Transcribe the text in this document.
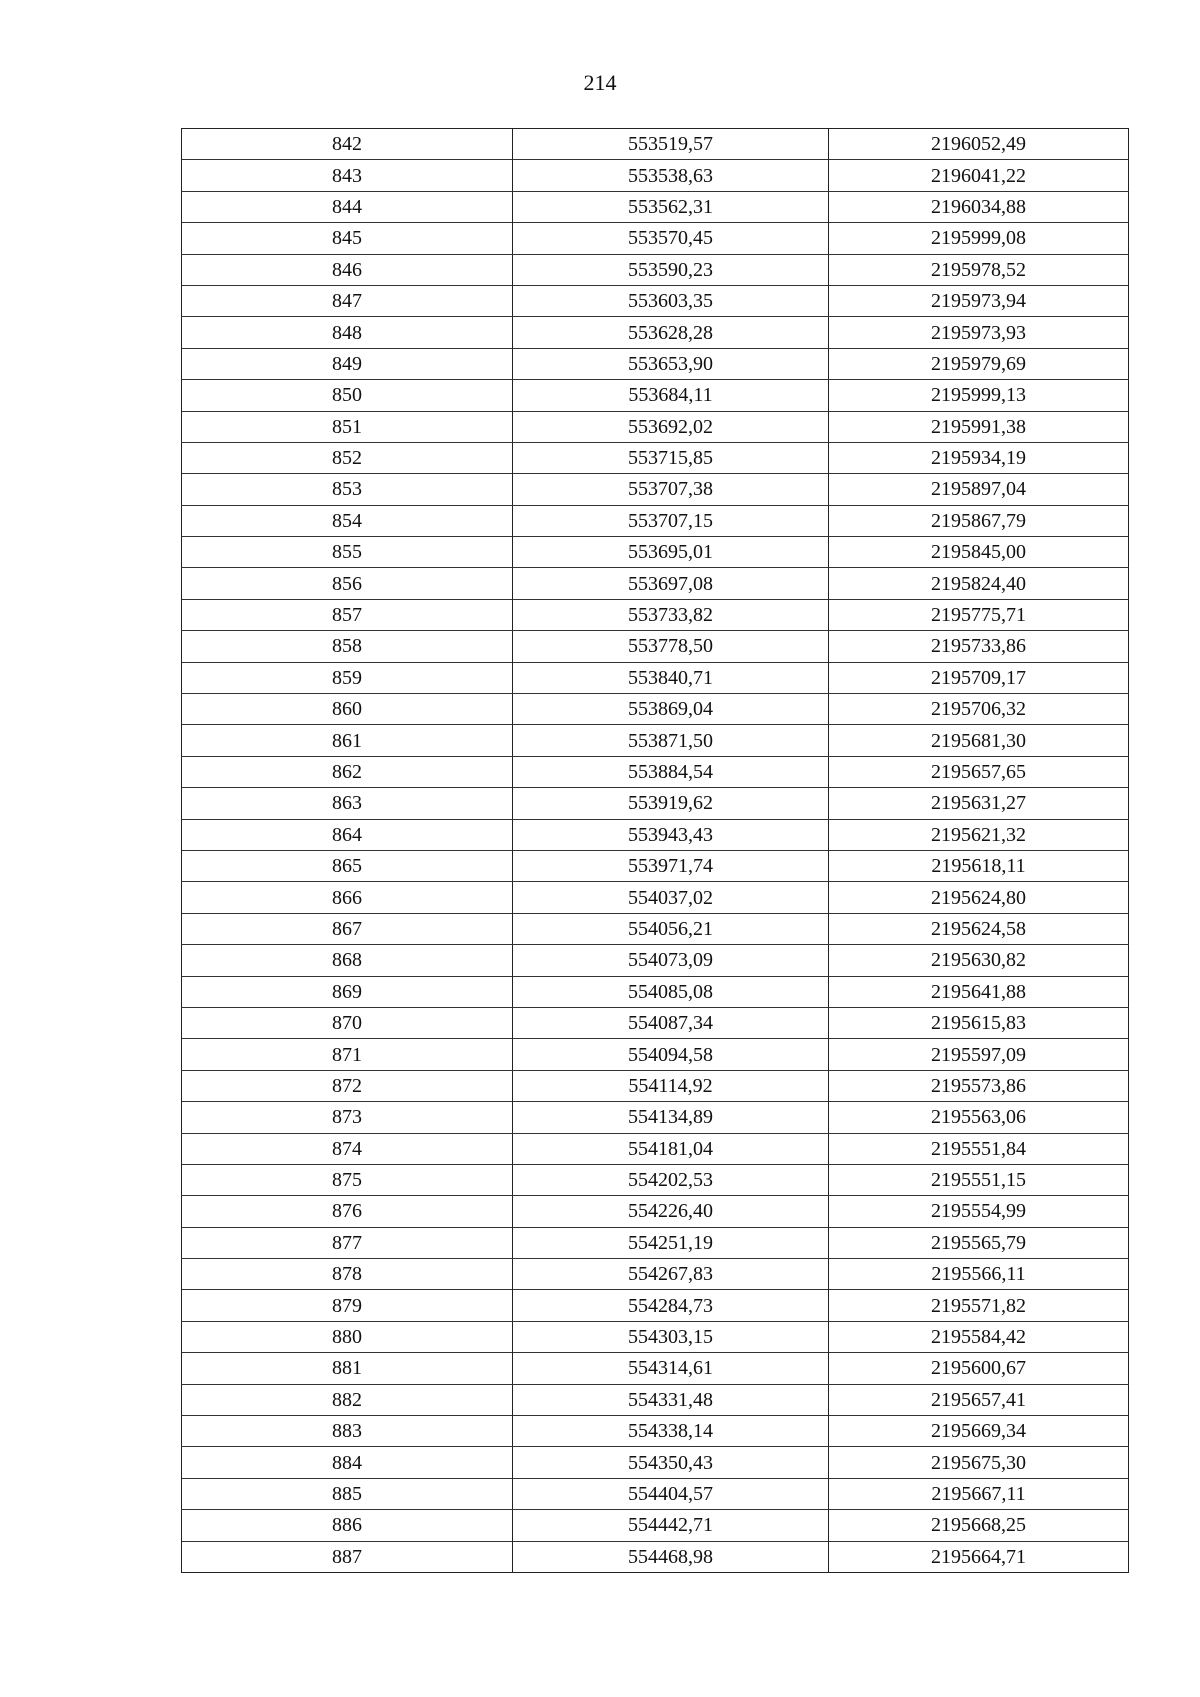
214
842	553519,57	2196052,49
843	553538,63	2196041,22
844	553562,31	2196034,88
845	553570,45	2195999,08
846	553590,23	2195978,52
847	553603,35	2195973,94
848	553628,28	2195973,93
849	553653,90	2195979,69
850	553684,11	2195999,13
851	553692,02	2195991,38
852	553715,85	2195934,19
853	553707,38	2195897,04
854	553707,15	2195867,79
855	553695,01	2195845,00
856	553697,08	2195824,40
857	553733,82	2195775,71
858	553778,50	2195733,86
859	553840,71	2195709,17
860	553869,04	2195706,32
861	553871,50	2195681,30
862	553884,54	2195657,65
863	553919,62	2195631,27
864	553943,43	2195621,32
865	553971,74	2195618,11
866	554037,02	2195624,80
867	554056,21	2195624,58
868	554073,09	2195630,82
869	554085,08	2195641,88
870	554087,34	2195615,83
871	554094,58	2195597,09
872	554114,92	2195573,86
873	554134,89	2195563,06
874	554181,04	2195551,84
875	554202,53	2195551,15
876	554226,40	2195554,99
877	554251,19	2195565,79
878	554267,83	2195566,11
879	554284,73	2195571,82
880	554303,15	2195584,42
881	554314,61	2195600,67
882	554331,48	2195657,41
883	554338,14	2195669,34
884	554350,43	2195675,30
885	554404,57	2195667,11
886	554442,71	2195668,25
887	554468,98	2195664,71
